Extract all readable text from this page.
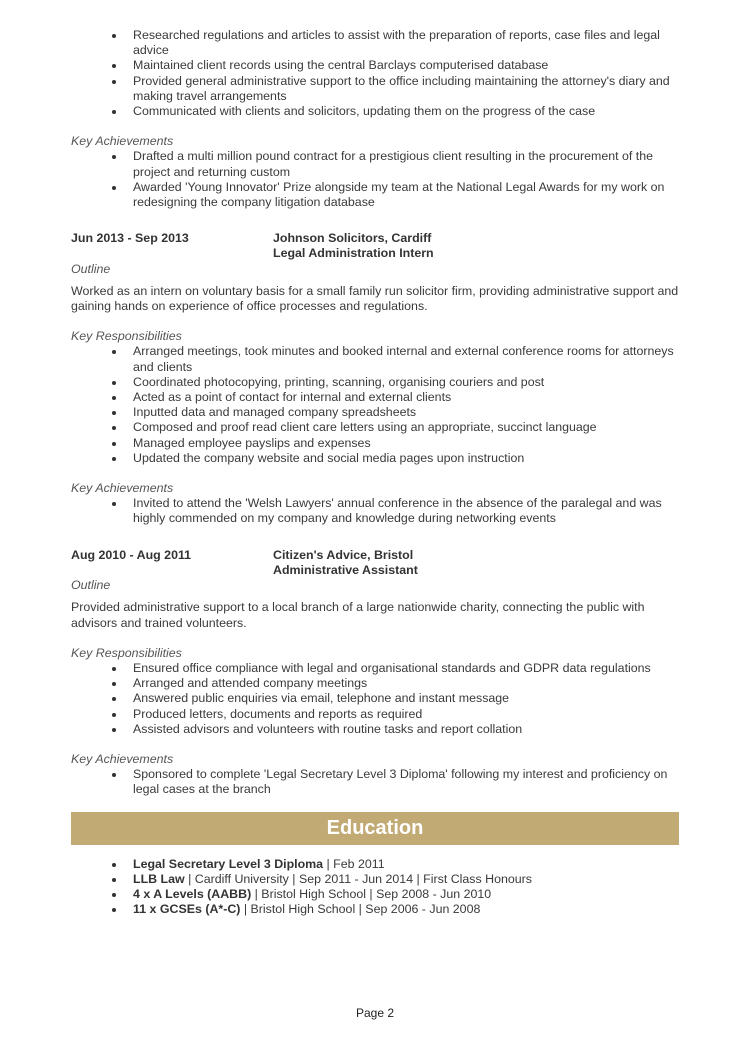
Researched regulations and articles to assist with the preparation of reports, case files and legal advice
Maintained client records using the central Barclays computerised database
Provided general administrative support to the office including maintaining the attorney's diary and making travel arrangements
Communicated with clients and solicitors, updating them on the progress of the case
Key Achievements
Drafted a multi million pound contract for a prestigious client resulting in the procurement of the project and returning custom
Awarded 'Young Innovator' Prize alongside my team at the National Legal Awards for my work on redesigning the company litigation database
Jun 2013 - Sep 2013	Johnson Solicitors, Cardiff
Legal Administration Intern
Outline
Worked as an intern on voluntary basis for a small family run solicitor firm, providing administrative support and gaining hands on experience of office processes and regulations.
Key Responsibilities
Arranged meetings, took minutes and booked internal and external conference rooms for attorneys and clients
Coordinated photocopying, printing, scanning, organising couriers and post
Acted as a point of contact for internal and external clients
Inputted data and managed company spreadsheets
Composed and proof read client care letters using an appropriate, succinct language
Managed employee payslips and expenses
Updated the company website and social media pages upon instruction
Key Achievements
Invited to attend the 'Welsh Lawyers' annual conference in the absence of the paralegal and was highly commended on my company and knowledge during networking events
Aug 2010 - Aug 2011	Citizen's Advice, Bristol
Administrative Assistant
Outline
Provided administrative support to a local branch of a large nationwide charity, connecting the public with advisors and trained volunteers.
Key Responsibilities
Ensured office compliance with legal and organisational standards and GDPR data regulations
Arranged and attended company meetings
Answered public enquiries via email, telephone and instant message
Produced letters, documents and reports as required
Assisted advisors and volunteers with routine tasks and report collation
Key Achievements
Sponsored to complete 'Legal Secretary Level 3 Diploma' following my interest and proficiency on legal cases at the branch
Education
Legal Secretary Level 3 Diploma | Feb 2011
LLB Law | Cardiff University | Sep 2011 - Jun 2014 | First Class Honours
4 x A Levels (AABB) | Bristol High School | Sep 2008 - Jun 2010
11 x GCSEs (A*-C) | Bristol High School | Sep 2006 - Jun 2008
Page 2
